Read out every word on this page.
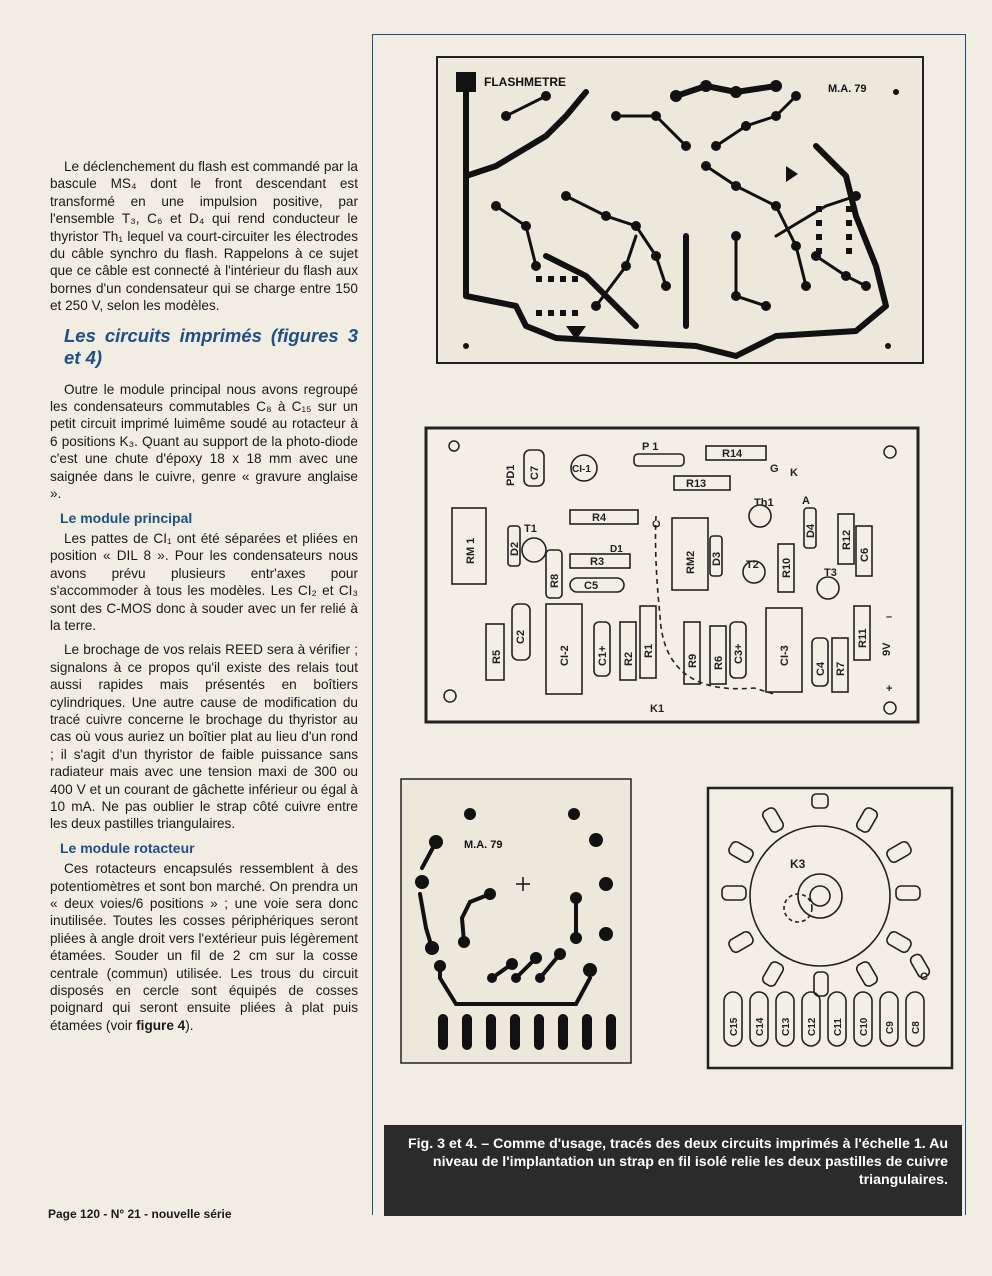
Le déclenchement du flash est commandé par la bascule MS₄ dont le front descendant est transformé en une impulsion positive, par l'ensemble T₃, C₆ et D₄ qui rend conducteur le thyristor Th₁ lequel va court-circuiter les électrodes du câble synchro du flash. Rappelons à ce sujet que ce câble est connecté à l'intérieur du flash aux bornes d'un condensateur qui se charge entre 150 et 250 V, selon les modèles.

Les circuits imprimés (figures 3 et 4)

Outre le module principal nous avons regroupé les condensateurs commutables C₈ à C₁₅ sur un petit circuit imprimé luimême soudé au rotacteur à 6 positions K₃. Quant au support de la photo-diode c'est une chute d'époxy 18 x 18 mm avec une saignée dans le cuivre, genre « gravure anglaise ».

Le module principal

Les pattes de CI₁ ont été séparées et pliées en position « DIL 8 ». Pour les condensateurs nous avons prévu plusieurs entr'axes pour s'accommoder à tous les modèles. Les CI₂ et CI₃ sont des C-MOS donc à souder avec un fer relié à la terre.

Le brochage de vos relais REED sera à vérifier ; signalons à ce propos qu'il existe des relais tout aussi rapides mais présentés en boîtiers cylindriques. Une autre cause de modification du tracé cuivre concerne le brochage du thyristor au cas où vous auriez un boîtier plat au lieu d'un rond ; il s'agit d'un thyristor de faible puissance sans radiateur mais avec une tension maxi de 300 ou 400 V et un courant de gâchette inférieur ou égal à 10 mA. Ne pas oublier le strap côté cuivre entre les deux pastilles triangulaires.

Le module rotacteur

Ces rotacteurs encapsulés ressemblent à des potentiomètres et sont bon marché. On prendra un « deux voies/6 positions » ; une voie sera donc inutilisée. Toutes les cosses périphériques seront pliées à angle droit vers l'extérieur puis légèrement étamées. Souder un fil de 2 cm sur la cosse centrale (commun) utilisée. Les trous du circuit disposés en cercle sont équipés de cosses poignard qui seront ensuite pliées à plat puis étamées (voir figure 4).

Page 120 - N° 21 - nouvelle série
FLASHMETRE	M.A. 79
P 1
R14
R13
G K
PD1 C7	CI-1
RM 1	D2
T1
R4
C
D1
R3
R8 C5
RM2 D3
Th1	A
D4 R12
C6
T2 R10	T3
R5
C2
CI-2 C1+ R2
R1
R9 R6 C3+	CI-3
C4 R7
R11
9V
–
+
K1
M.A. 79
K3
C
C15 C14 C13 C12 C11 C10 C9 C8
Fig. 3 et 4. – Comme d'usage, tracés des deux circuits imprimés à l'échelle 1. Au niveau de l'implantation un strap en fil isolé relie les deux pastilles de cuivre triangulaires.
